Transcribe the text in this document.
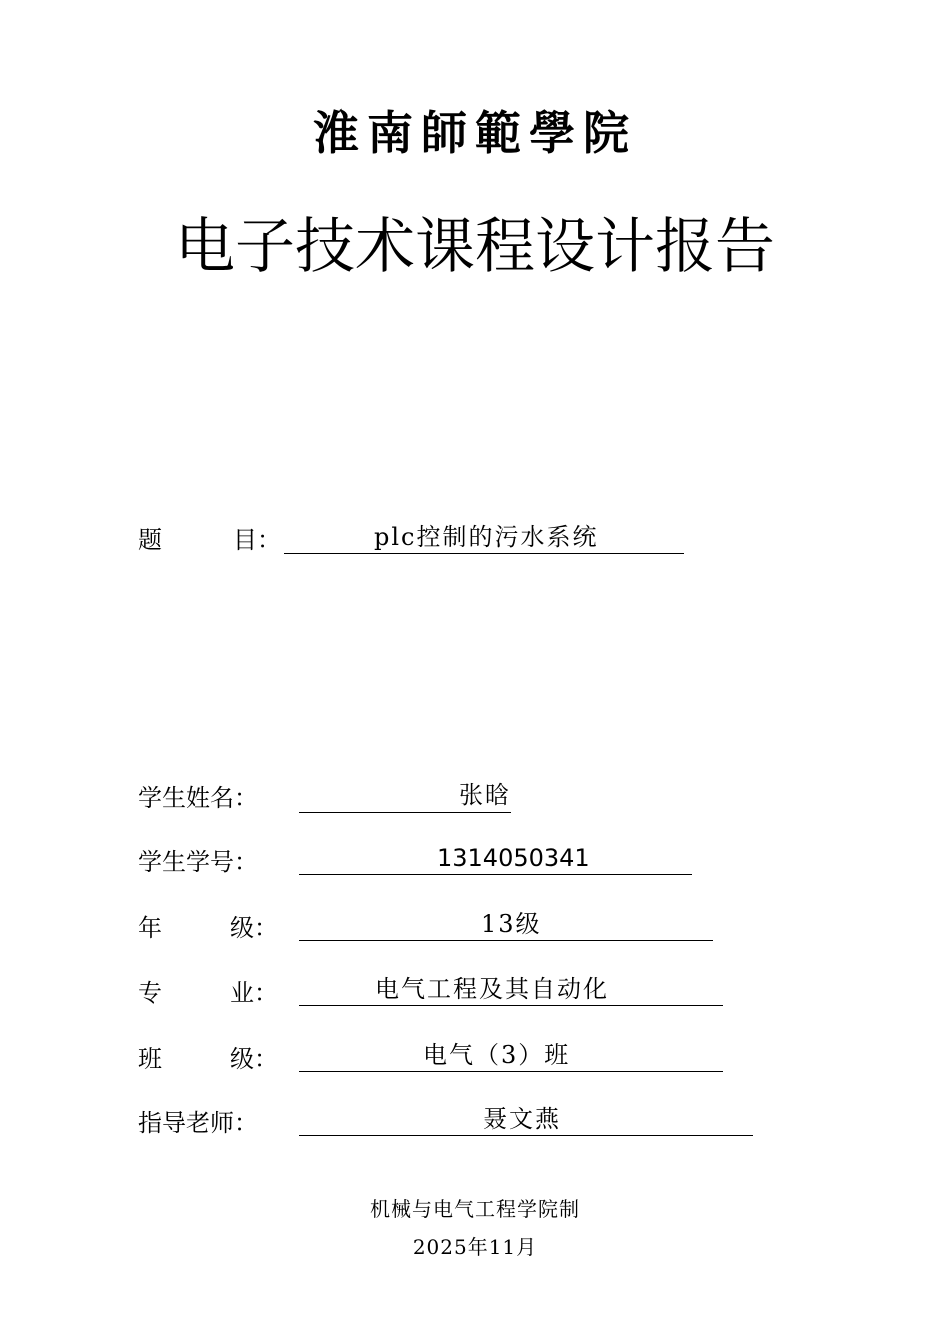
淮南師範學院
电子技术课程设计报告
题	目：	plc控制的污水系统
学生姓名：	张晗
学生学号：	1314050341
年	级：	13级
专	业：	电气工程及其自动化
班	级：	电气（3）班
指导老师：	聂文燕
机械与电气工程学院制
2025年11月
